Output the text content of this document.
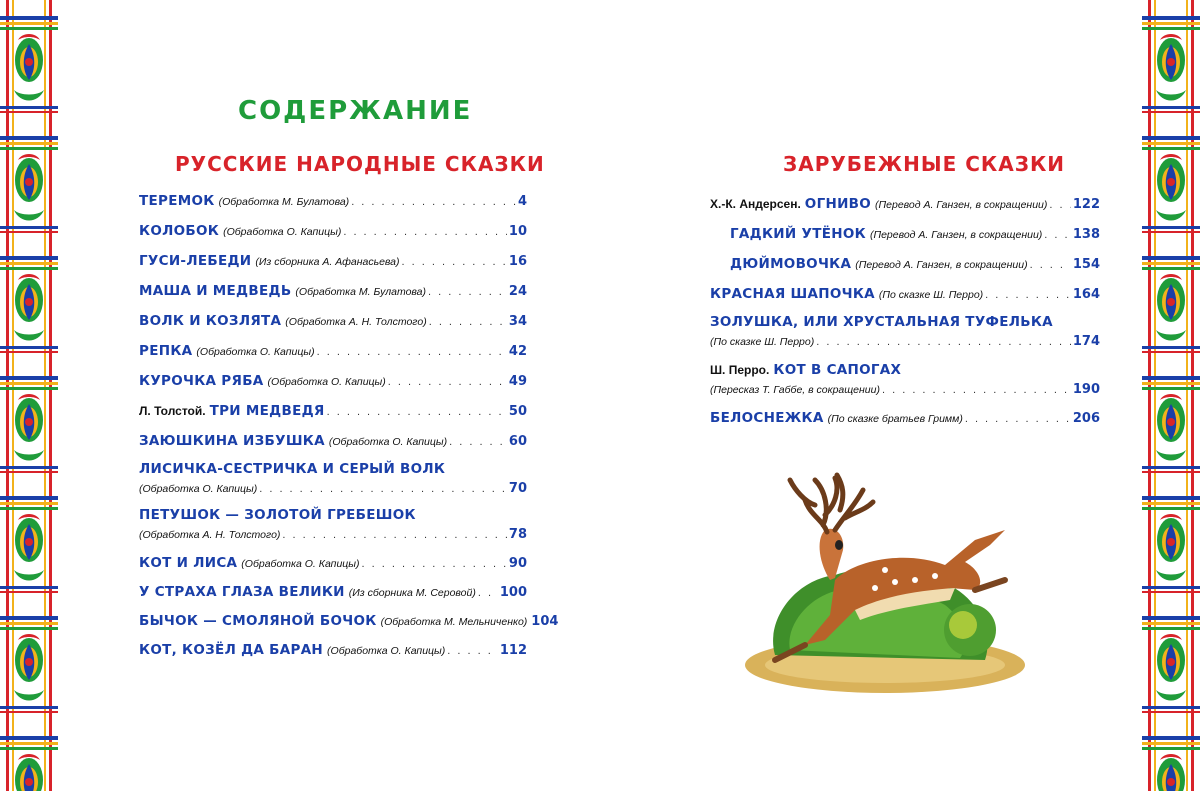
СОДЕРЖАНИЕ
РУССКИЕ НАРОДНЫЕ СКАЗКИ
ТЕРЕМОК (Обработка М. Булатова) . . .	4
КОЛОБОК (Обработка О. Капицы) . . .	10
ГУСИ-ЛЕБЕДИ (Из сборника А. Афанасьева) . . .	16
МАША И МЕДВЕДЬ (Обработка М. Булатова) . . .	24
ВОЛК И КОЗЛЯТА (Обработка А. Н. Толстого) . . .	34
РЕПКА (Обработка О. Капицы) . . .	42
КУРОЧКА РЯБА (Обработка О. Капицы) . . .	49
Л. Толстой. ТРИ МЕДВЕДЯ . . .	50
ЗАЮШКИНА ИЗБУШКА (Обработка О. Капицы) . . .	60
ЛИСИЧКА-СЕСТРИЧКА И СЕРЫЙ ВОЛК
(Обработка О. Капицы) . . .	70
ПЕТУШОК — ЗОЛОТОЙ ГРЕБЕШОК
(Обработка А. Н. Толстого) . . .	78
КОТ И ЛИСА (Обработка О. Капицы) . . .	90
У СТРАХА ГЛАЗА ВЕЛИКИ (Из сборника М. Серовой) . . . 100
БЫЧОК — СМОЛЯНОЙ БОЧОК (Обработка М. Мельниченко) 104
КОТ, КОЗЁЛ ДА БАРАН (Обработка О. Капицы) . . .	112
ЗАРУБЕЖНЫЕ СКАЗКИ
Х.-К. Андерсен. ОГНИВО (Перевод А. Ганзен, в сокращении) . . . 122
ГАДКИЙ УТЁНОК (Перевод А. Ганзен, в сокращении) . . . 138
ДЮЙМОВОЧКА (Перевод А. Ганзен, в сокращении) . . .	154
КРАСНАЯ ШАПОЧКА (По сказке Ш. Перро) . . .	164
ЗОЛУШКА, ИЛИ ХРУСТАЛЬНАЯ ТУФЕЛЬКА
(По сказке Ш. Перро) . . .	174
Ш. Перро. КОТ В САПОГАХ
(Пересказ Т. Габбе, в сокращении) . . .	190
БЕЛОСНЕЖКА (По сказке братьев Гримм) . . .	206
